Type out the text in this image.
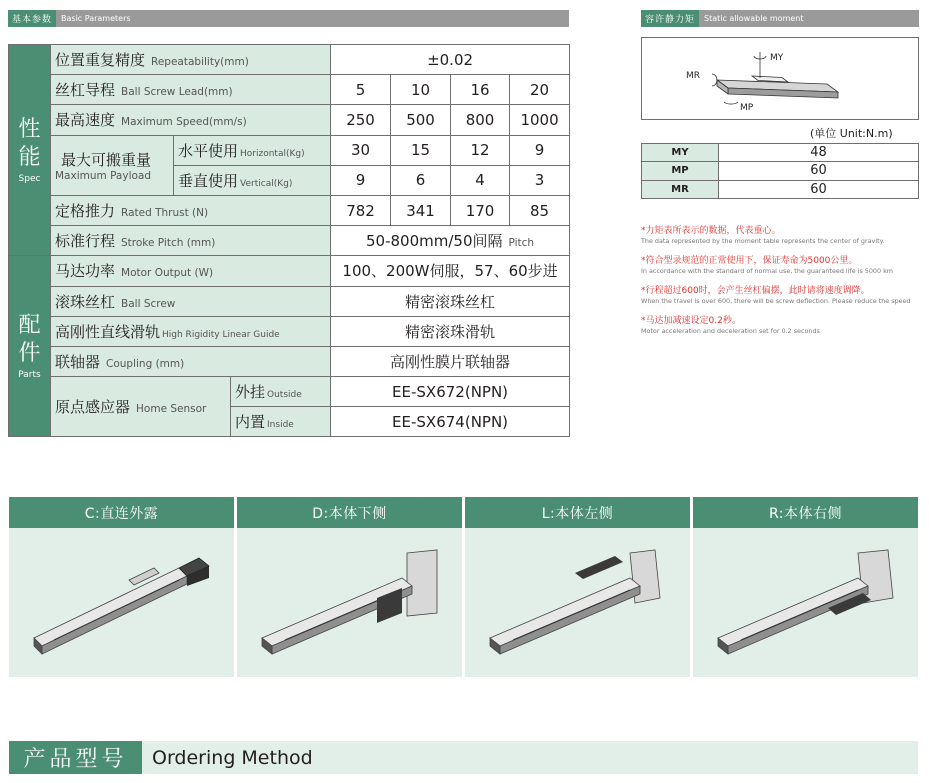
基本参数	Basic Parameters
性
能
Spec	位置重复精度 Repeatability(mm)			±0.02			
	丝杠导程 Ball Screw Lead(mm)			5	10	16	20
	最高速度 Maximum Speed(mm/s)			250	500	800	1000

	最大可搬重量
Maximum Payload	水平使用 Horizontal(Kg)		30	15	12	9
		垂直使用 Vertical(Kg)		9	6	4	3
	定格推力 Rated Thrust (N)			782	341	170	85
	标准行程 Stroke Pitch (mm)			50-800mm/50间隔 Pitch			

配
件
Parts	马达功率 Motor Output (W)			100、200W伺服，57、60步进			
	滚珠丝杠 Ball Screw			精密滚珠丝杠			
	高刚性直线滑轨 High Rigidity Linear Guide			精密滚珠滑轨			
	联轴器 Coupling (mm)			高刚性膜片联轴器			
	原点感应器 Home Sensor		外挂 Outside	EE-SX672(NPN)			
			内置 Inside	EE-SX674(NPN)			
容许静力矩	Static allowable moment
MY
MR
MP
(单位 Unit:N.m)
MY	48
MP	60
MR	60
*力矩表所表示的数据，代表重心。
The data represented by the moment table represents the center of gravity.
*符合型录规范的正常使用下，保证寿命为5000公里。
In accordance with the standard of normal use, the guaranteed life is 5000 km
*行程超过600时，会产生丝杠偏摆，此时请将速度调降。
When the travel is over 600, there will be screw deflection. Please reduce the speed
*马达加减速设定0.2秒。
Motor acceleration and deceleration set for 0.2 seconds
C:直连外露	D:本体下侧	L:本体左侧	R:本体右侧
产品型号	Ordering Method
